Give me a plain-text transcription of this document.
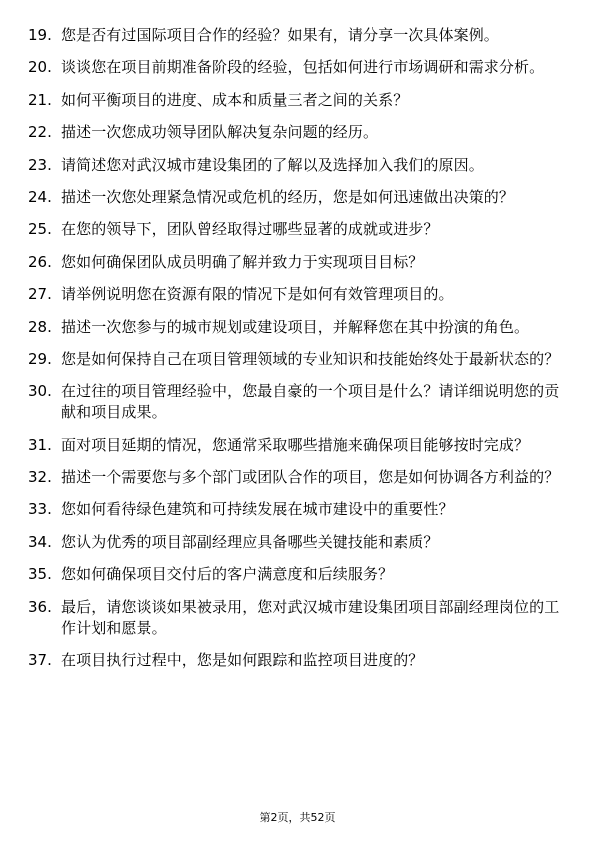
19. 您是否有过国际项目合作的经验？如果有，请分享一次具体案例。
20. 谈谈您在项目前期准备阶段的经验，包括如何进行市场调研和需求分析。
21. 如何平衡项目的进度、成本和质量三者之间的关系？
22. 描述一次您成功领导团队解决复杂问题的经历。
23. 请简述您对武汉城市建设集团的了解以及选择加入我们的原因。
24. 描述一次您处理紧急情况或危机的经历，您是如何迅速做出决策的？
25. 在您的领导下，团队曾经取得过哪些显著的成就或进步？
26. 您如何确保团队成员明确了解并致力于实现项目目标？
27. 请举例说明您在资源有限的情况下是如何有效管理项目的。
28. 描述一次您参与的城市规划或建设项目，并解释您在其中扮演的角色。
29. 您是如何保持自己在项目管理领域的专业知识和技能始终处于最新状态的？
30. 在过往的项目管理经验中，您最自豪的一个项目是什么？请详细说明您的贡献和项目成果。
31. 面对项目延期的情况，您通常采取哪些措施来确保项目能够按时完成？
32. 描述一个需要您与多个部门或团队合作的项目，您是如何协调各方利益的？
33. 您如何看待绿色建筑和可持续发展在城市建设中的重要性？
34. 您认为优秀的项目部副经理应具备哪些关键技能和素质？
35. 您如何确保项目交付后的客户满意度和后续服务？
36. 最后，请您谈谈如果被录用，您对武汉城市建设集团项目部副经理岗位的工作计划和愿景。
37. 在项目执行过程中，您是如何跟踪和监控项目进度的？
第2页，共52页
